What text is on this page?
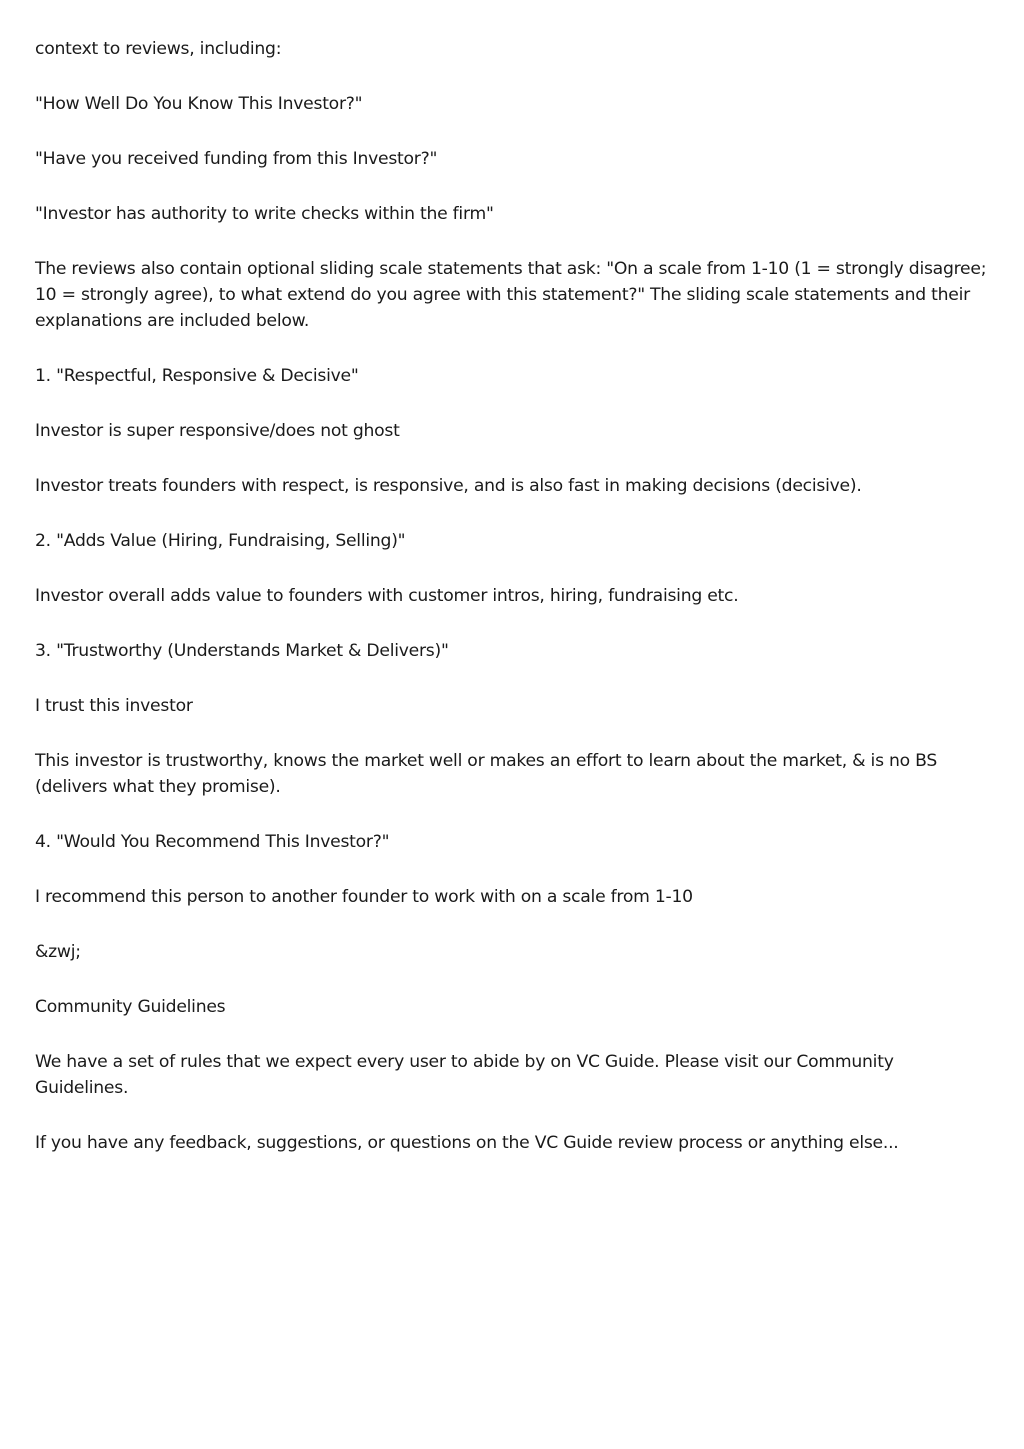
context to reviews, including:

"How Well Do You Know This Investor?"

"Have you received funding from this Investor?"

"Investor has authority to write checks within the firm"

The reviews also contain optional sliding scale statements that ask: "On a scale from 1-10 (1 = strongly disagree; 10 = strongly agree), to what extend do you agree with this statement?" The sliding scale statements and their explanations are included below.

1. "Respectful, Responsive & Decisive"

Investor is super responsive/does not ghost

Investor treats founders with respect, is responsive, and is also fast in making decisions (decisive).

2. "Adds Value (Hiring, Fundraising, Selling)"

Investor overall adds value to founders with customer intros, hiring, fundraising etc.

3. "Trustworthy (Understands Market & Delivers)"

I trust this investor

This investor is trustworthy, knows the market well or makes an effort to learn about the market, & is no BS (delivers what they promise).

4. "Would You Recommend This Investor?"

I recommend this person to another founder to work with on a scale from 1-10

&zwj;

Community Guidelines

We have a set of rules that we expect every user to abide by on VC Guide. Please visit our Community Guidelines.

If you have any feedback, suggestions, or questions on the VC Guide review process or anything else...
